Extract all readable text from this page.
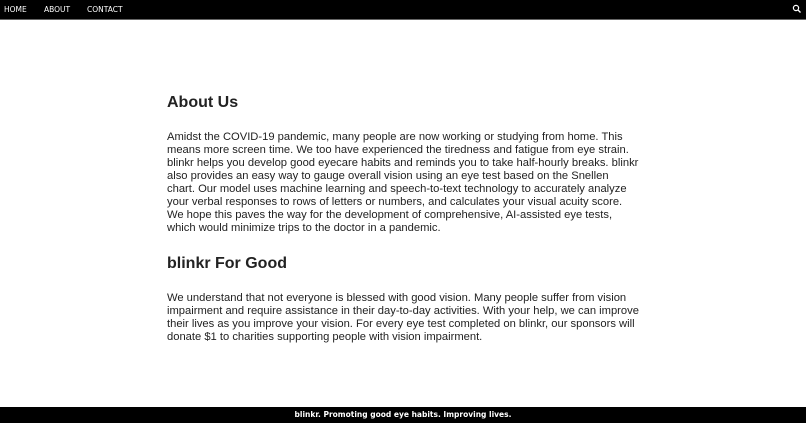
HOME ABOUT CONTACT
About Us

Amidst the COVID-19 pandemic, many people are now working or studying from home. This means more screen time. We too have experienced the tiredness and fatigue from eye strain. blinkr helps you develop good eyecare habits and reminds you to take half-hourly breaks. blinkr also provides an easy way to gauge overall vision using an eye test based on the Snellen chart. Our model uses machine learning and speech-to-text technology to accurately analyze your verbal responses to rows of letters or numbers, and calculates your visual acuity score. We hope this paves the way for the development of comprehensive, AI-assisted eye tests, which would minimize trips to the doctor in a pandemic.

blinkr For Good

We understand that not everyone is blessed with good vision. Many people suffer from vision impairment and require assistance in their day-to-day activities. With your help, we can improve their lives as you improve your vision. For every eye test completed on blinkr, our sponsors will donate $1 to charities supporting people with vision impairment.

blinkr. Promoting good eye habits. Improving lives.
